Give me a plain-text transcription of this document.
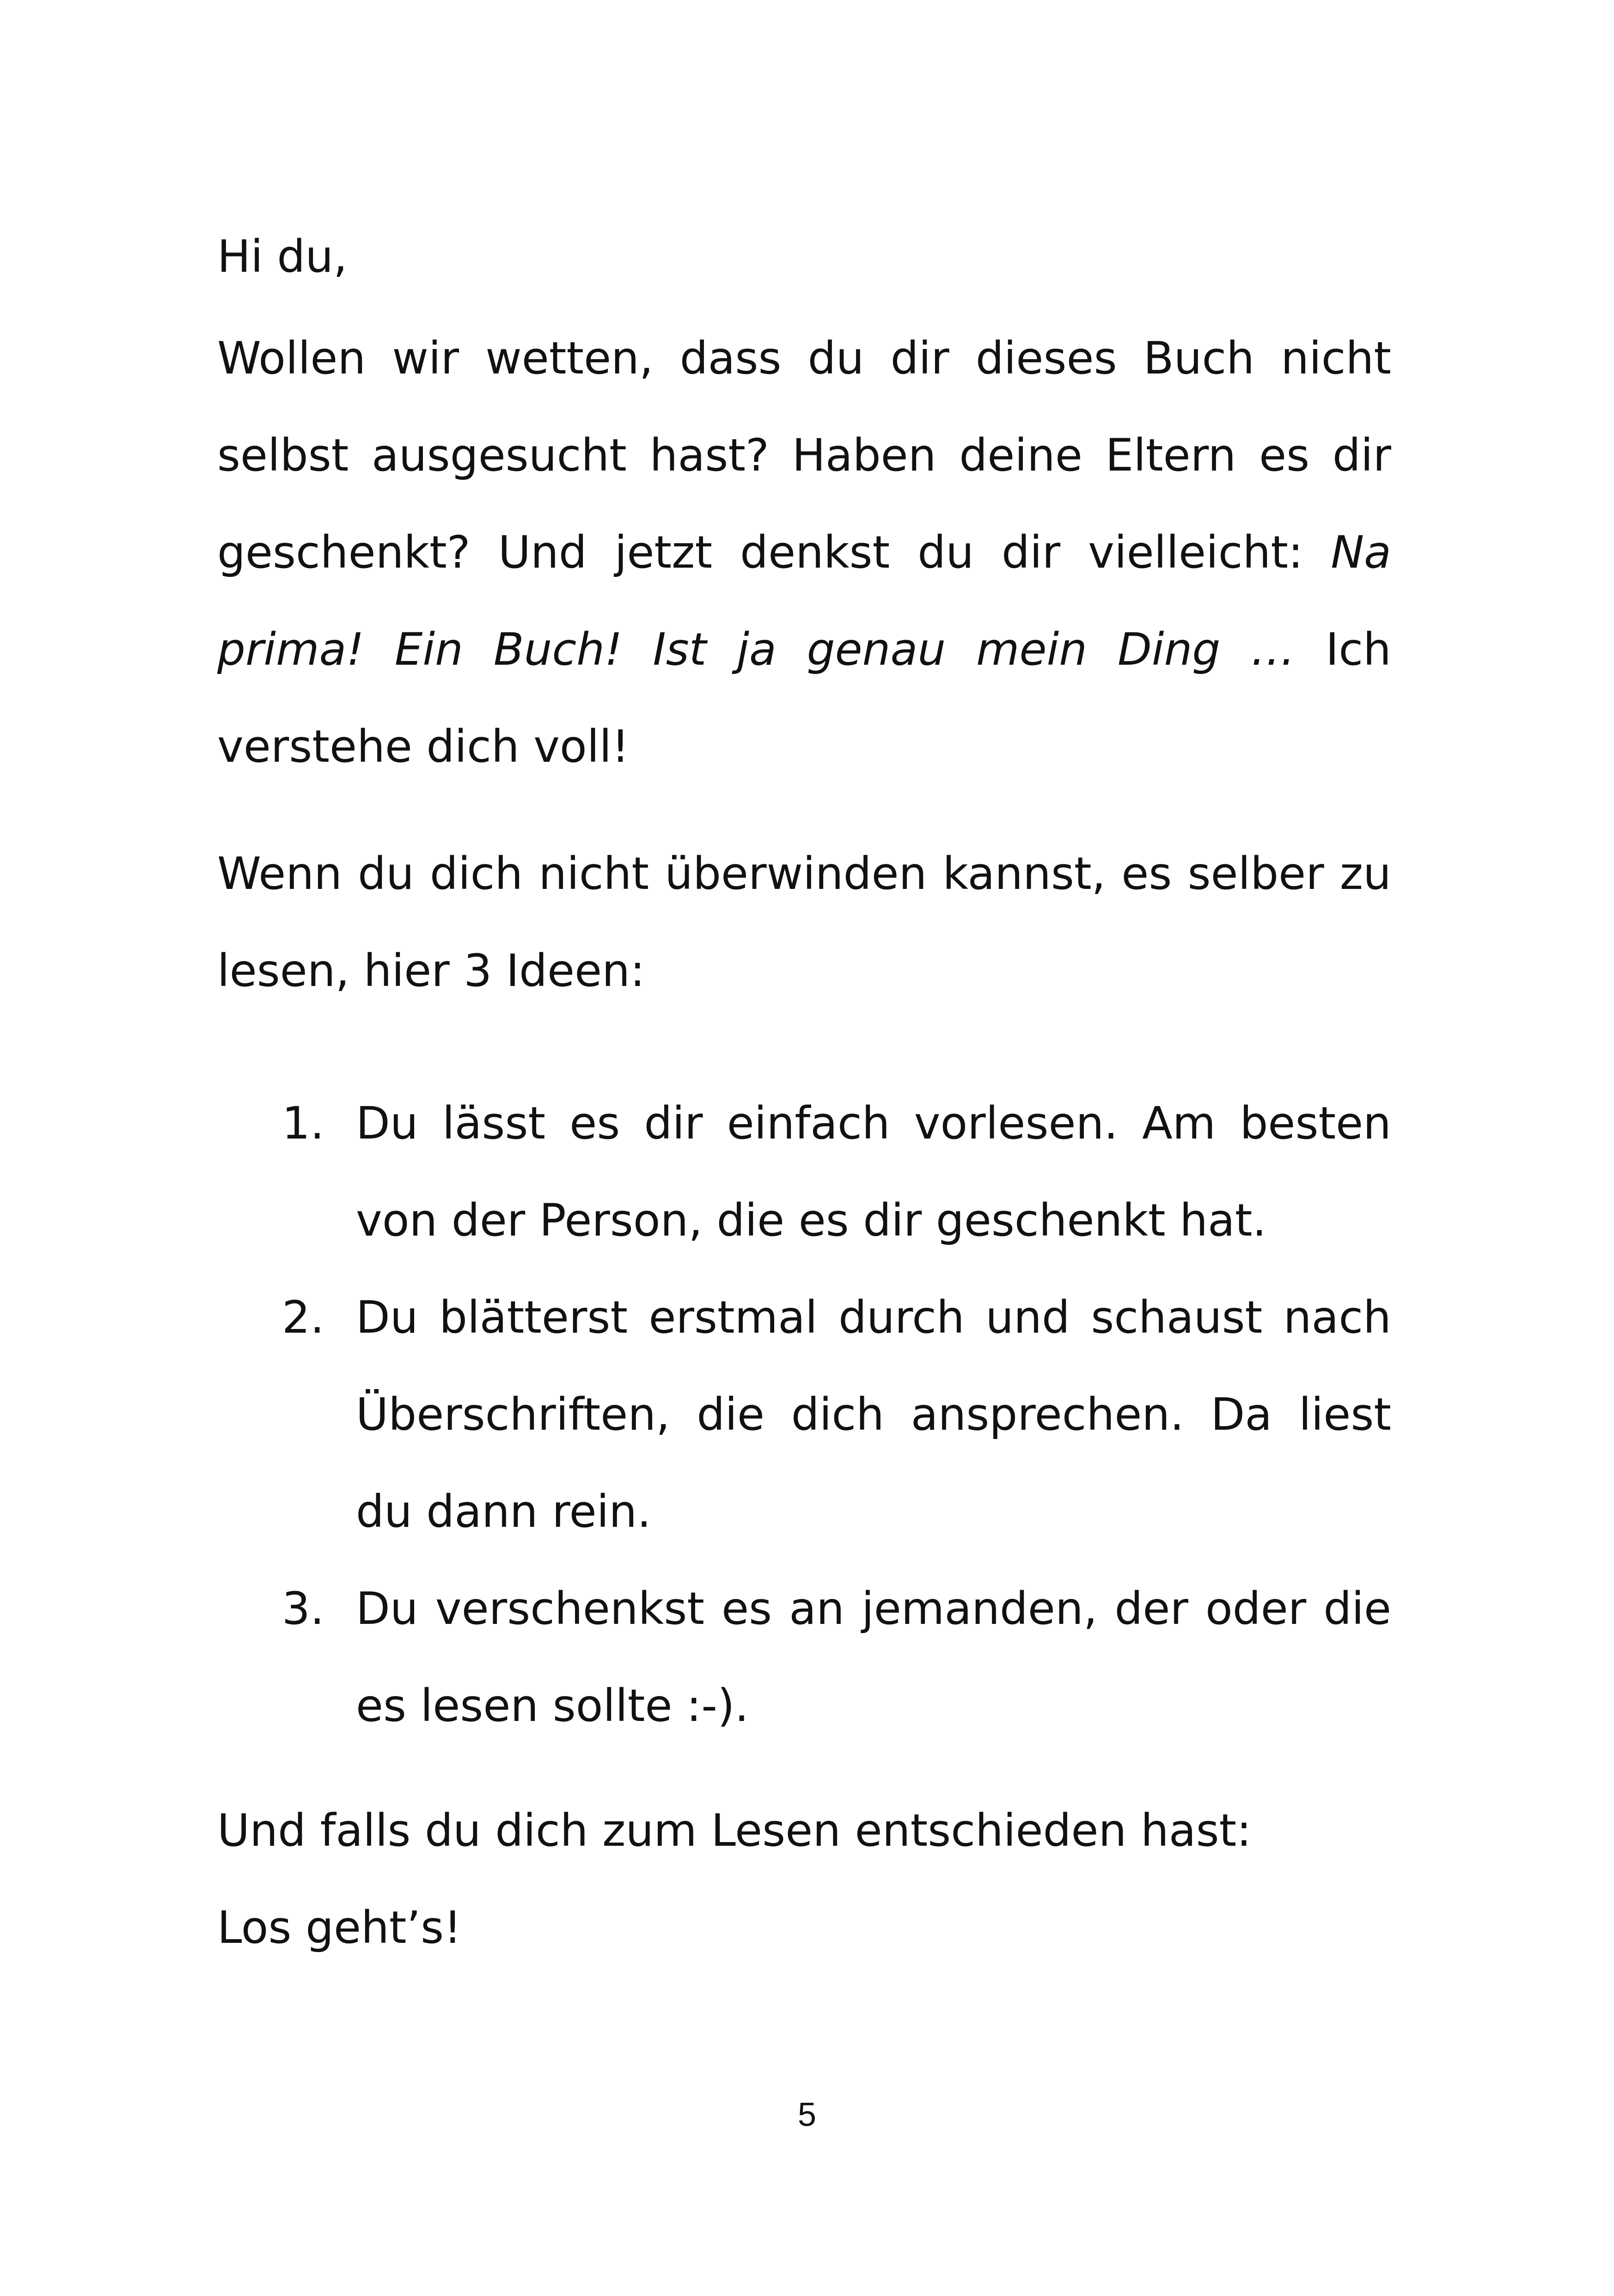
Hi du,

Wollen wir wetten, dass du dir dieses Buch nicht selbst ausgesucht hast? Haben deine Eltern es dir geschenkt? Und jetzt denkst du dir vielleicht: Na prima! Ein Buch! Ist ja genau mein Ding … Ich verstehe dich voll!

Wenn du dich nicht überwinden kannst, es selber zu lesen, hier 3 Ideen:

1. Du lässt es dir einfach vorlesen. Am besten von der Person, die es dir geschenkt hat.
2. Du blätterst erstmal durch und schaust nach Überschriften, die dich ansprechen. Da liest du dann rein.
3. Du verschenkst es an jemanden, der oder die es lesen sollte :-).

Und falls du dich zum Lesen entschieden hast:

Los geht’s!

5
